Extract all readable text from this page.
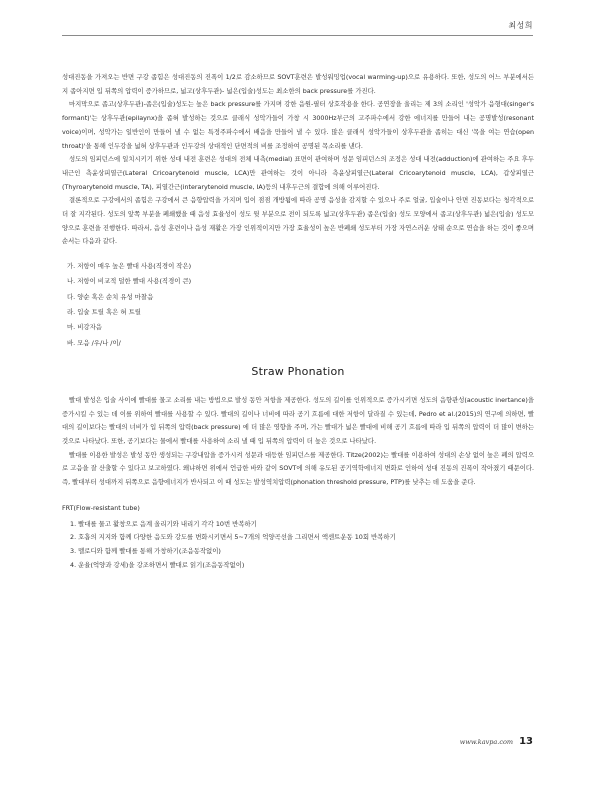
최성희

성대진동을 가져오는 반면 구강 좁힘은 성대진동의 진폭이 1/2로 감소하므로 SOVT훈련은 발성워밍업(vocal warming-up)으로 유용하다. 또한, 성도의 어느 부분에서든지 좁아지면 입 뒤쪽의 압력이 증가하므로, 넓고(상후두관)- 넓은(입술)성도는 최소한의 back pressure를 가진다.

마지막으로 좁고(상후두관)-좁은(입술)성도는 높은 back pressure를 가지며 강한 음원-필터 상호작용을 한다. 공연장을 울리는 제 3의 소리인 '성악가 음형대(singer's formant)'는 상후두관(epilaynx)을 좁혀 발성하는 것으로 클래식 성악가들이 가창 시 3000Hz부근의 고주파수에서 강한 에너지를 만들어 내는 공명발성(resonant voice)이며, 성악가는 일반인이 만들어 낼 수 없는 특정주파수에서 배음을 만들어 낼 수 있다. 많은 클래식 성악가들이 상후두관을 좁히는 대신 '목을 여는 연습(open throat)'을 통해 인두강을 넓혀 상후두관과 인두강의 상대적인 단면적의 비를 조정하여 공명된 목소리를 낸다.

성도의 임피던스에 일치시키기 위한 성대 내전 훈련은 성대의 전체 내측(medial) 표면이 관여하며 성문 임피던스의 조정은 성대 내전(adduction)에 관여하는 주요 후두내근인 측윤상피열근(Lateral Cricoarytenoid muscle, LCA)만 관여하는 것이 아니라 측윤상피열근(Lateral Cricoarytenoid muscle, LCA), 갑상피열근(Thyroarytenoid muscle, TA), 피열간근(interarytenoid muscle, IA)등의 내후두근의 결합에 의해 이루어진다.

결론적으로 구강에서의 좁힘은 구강에서 큰 음향압력을 가지며 입이 점점 개방됨에 따라 공명 음성을 감지할 수 있으나 주로 얼굴, 입술이나 안면 진동보다는 청각적으로 더 잘 지각된다. 성도의 앞쪽 부분을 폐쇄했을 때 음성 효율성이 성도 뒷 부분으로 전이 되도록 넓고(상후두관) 좁은(입술) 성도 모양에서 좁고(상후두관) 넓은(입술) 성도모양으로 훈련을 진행한다. 따라서, 음성 훈련이나 음성 재활은 가장 인위적이지만 가장 효율성이 높은 반폐쇄 성도부터 가장 자연스러운 상태 순으로 연습을 하는 것이 좋으며 순서는 다음과 같다.

가. 저항이 매우 높은 빨대 사용(직경이 작은)
나. 저항이 비교적 덜한 빨대 사용(직경이 큰)
다. 양순 혹은 순치 유성 마찰음
라. 입술 트릴 혹은 혀 트릴
마. 비강자음
바. 모음 /우/나 /이/
Straw Phonation

빨대 발성은 입술 사이에 빨대를 물고 소리를 내는 방법으로 발성 동안 저항을 제공한다. 성도의 길이를 인위적으로 증가시키면 성도의 음향관성(acoustic inertance)을 증가시킬 수 있는 데 이를 위하여 빨대를 사용할 수 있다. 빨대의 길이나 너비에 따라 공기 흐름에 대한 저항이 달라질 수 있는데, Pedro et al.(2015)의 연구에 의하면, 빨대의 길이보다는 빨대의 너비가 입 뒤쪽의 압력(back pressure) 에 더 많은 영향을 주며, 가는 빨대가 넓은 빨대에 비해 공기 흐름에 따라 입 뒤쪽의 압력이 더 많이 변하는 것으로 나타났다. 또한, 공기보다는 물에서 빨대를 사용하여 소리 낼 때 입 뒤쪽의 압력이 더 높은 것으로 나타났다.

빨대를 이용한 발성은 발성 동안 생성되는 구강내압을 증가시켜 성문과 대등한 임피던스를 제공한다. Titze(2002)는 빨대를 이용하여 성대의 손상 없이 높은 폐의 압력으로 고음을 잘 산출할 수 있다고 보고하였다. 왜냐하면 위에서 언급한 바와 같이 SOVT에 의해 유도된 공기역학에너지 변화로 인하여 성대 진동의 진폭이 작아졌기 때문이다. 즉, 빨대부터 성대까지 뒤쪽으로 음향에너지가 반사되고 이 때 성도는 발성역치압력(phonation threshold pressure, PTP)를 낮추는 데 도움을 준다.

FRT(Flow-resistant tube)
1. 빨대를 물고 활창으로 음계 올리기와 내리기 각각 10번 반복하기
2. 호흡의 지지와 함께 다양한 음도와 강도를 변화시키면서 5~7개의 억양곡선을 그리면서 액센트운동 10회 반복하기
3. 멜로디와 함께 빨대를 통해 가창하기(조음동작없이)
4. 운율(억양과 강세)을 강조하면서 빨대로 읽기(조음동작없이)
www.kavpa.com 13
